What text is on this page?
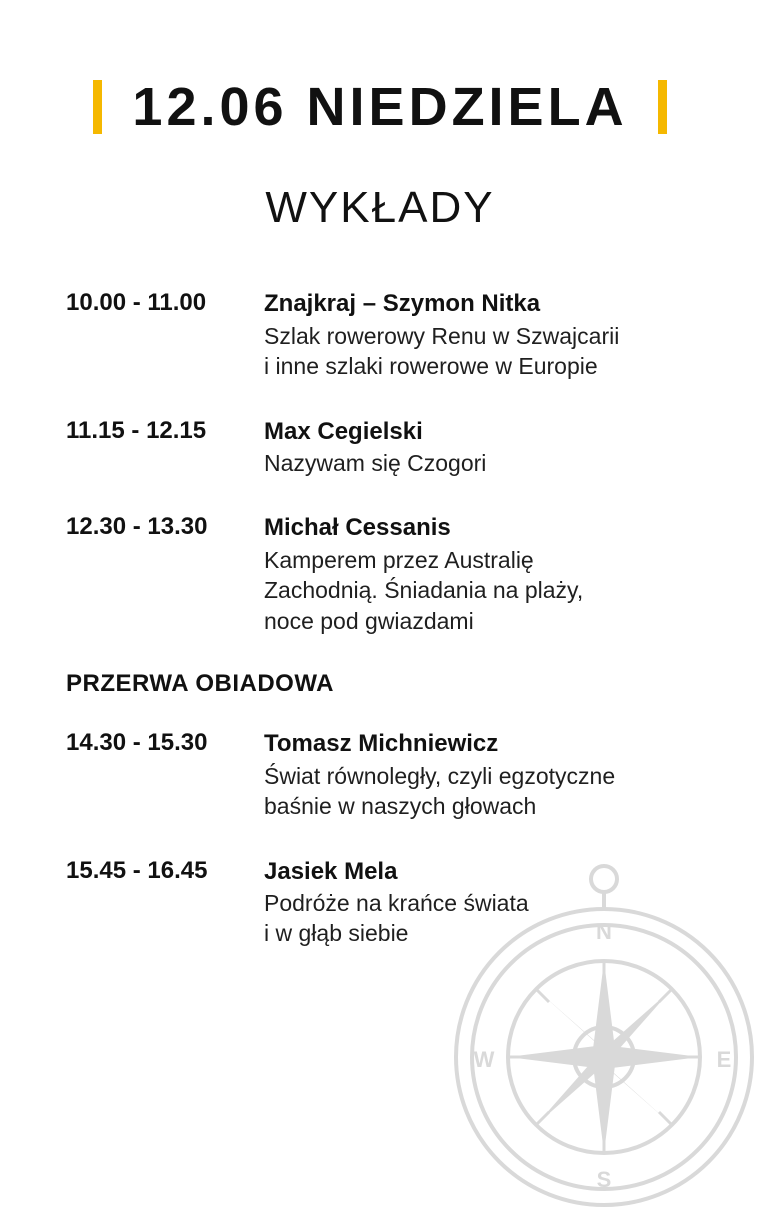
12.06 NIEDZIELA
WYKŁADY
10.00 - 11.00	Znajkraj – Szymon Nitka
Szlak rowerowy Renu w Szwajcarii
i inne szlaki rowerowe w Europie
11.15 - 12.15	Max Cegielski
Nazywam się Czogori
12.30 - 13.30	Michał Cessanis
Kamperem przez Australię
Zachodnią. Śniadania na plaży,
noce pod gwiazdami
PRZERWA OBIADOWA
14.30 - 15.30	Tomasz Michniewicz
Świat równoległy, czyli egzotyczne
baśnie w naszych głowach
15.45 - 16.45	Jasiek Mela
Podróże na krańce świata
i w głąb siebie	N
S
E
W
